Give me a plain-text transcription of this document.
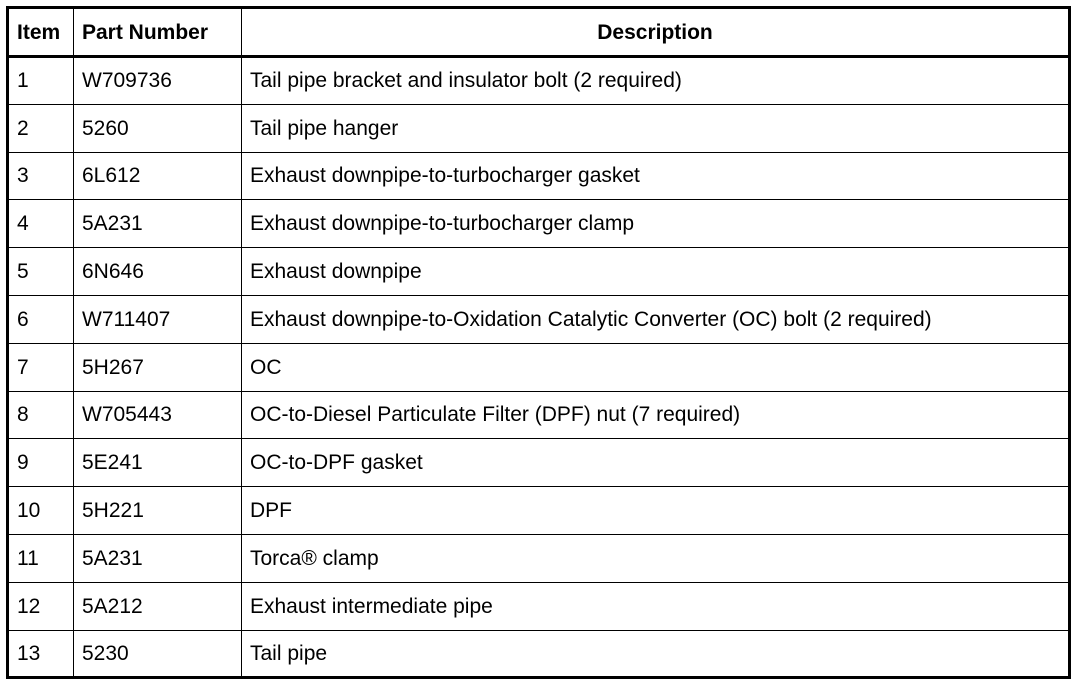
Item	Part Number	Description
1	W709736	Tail pipe bracket and insulator bolt (2 required)
2	5260	Tail pipe hanger
3	6L612	Exhaust downpipe-to-turbocharger gasket
4	5A231	Exhaust downpipe-to-turbocharger clamp
5	6N646	Exhaust downpipe
6	W711407	Exhaust downpipe-to-Oxidation Catalytic Converter (OC) bolt (2 required)
7	5H267	OC
8	W705443	OC-to-Diesel Particulate Filter (DPF) nut (7 required)
9	5E241	OC-to-DPF gasket
10	5H221	DPF
11	5A231	Torca® clamp
12	5A212	Exhaust intermediate pipe
13	5230	Tail pipe
